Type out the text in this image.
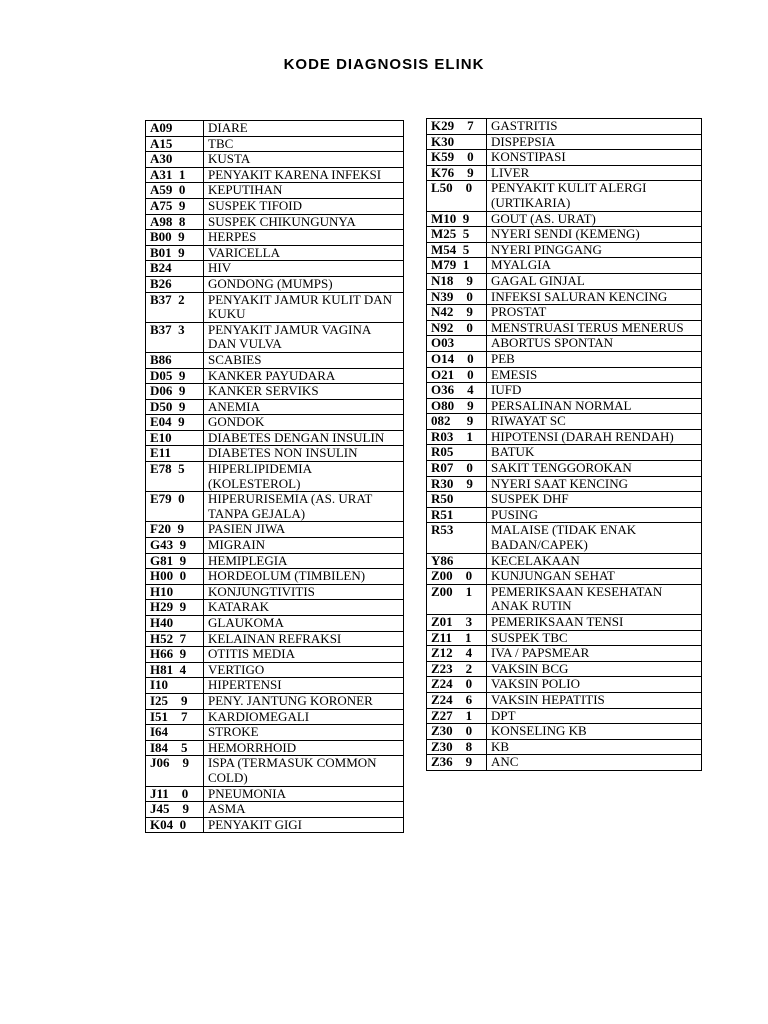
KODE DIAGNOSIS ELINK
A09	DIARE
A15	TBC
A30	KUSTA
A31  1	PENYAKIT KARENA INFEKSI
A59  0	KEPUTIHAN
A75  9	SUSPEK TIFOID
A98  8	SUSPEK CHIKUNGUNYA
B00  9	HERPES
B01  9	VARICELLA
B24	HIV
B26	GONDONG (MUMPS)
B37  2	PENYAKIT JAMUR KULIT DAN KUKU
B37  3	PENYAKIT JAMUR VAGINA DAN VULVA
B86	SCABIES
D05  9	KANKER PAYUDARA
D06  9	KANKER SERVIKS
D50  9	ANEMIA
E04  9	GONDOK
E10	DIABETES DENGAN INSULIN
E11	DIABETES NON INSULIN
E78  5	HIPERLIPIDEMIA (KOLESTEROL)
E79  0	HIPERURISEMIA (AS. URAT TANPA GEJALA)
F20  9	PASIEN JIWA
G43  9	MIGRAIN
G81  9	HEMIPLEGIA
H00  0	HORDEOLUM (TIMBILEN)
H10	KONJUNGTIVITIS
H29  9	KATARAK
H40	GLAUKOMA
H52  7	KELAINAN REFRAKSI
H66  9	OTITIS MEDIA
H81  4	VERTIGO
I10	HIPERTENSI
I25    9	PENY. JANTUNG KORONER
I51    7	KARDIOMEGALI
I64	STROKE
I84    5	HEMORRHOID
J06    9	ISPA (TERMASUK COMMON COLD)
J11    0	PNEUMONIA
J45    9	ASMA
K04  0	PENYAKIT GIGI
K29    7	GASTRITIS
K30	DISPEPSIA
K59    0	KONSTIPASI
K76    9	LIVER
L50    0	PENYAKIT KULIT ALERGI (URTIKARIA)
M10  9	GOUT (AS. URAT)
M25  5	NYERI SENDI (KEMENG)
M54  5	NYERI PINGGANG
M79  1	MYALGIA
N18    9	GAGAL GINJAL
N39    0	INFEKSI SALURAN KENCING
N42    9	PROSTAT
N92    0	MENSTRUASI TERUS MENERUS
O03	ABORTUS SPONTAN
O14    0	PEB
O21    0	EMESIS
O36    4	IUFD
O80    9	PERSALINAN NORMAL
082     9	RIWAYAT SC
R03    1	HIPOTENSI (DARAH RENDAH)
R05	BATUK
R07    0	SAKIT TENGGOROKAN
R30    9	NYERI SAAT KENCING
R50	SUSPEK DHF
R51	PUSING
R53	MALAISE (TIDAK ENAK BADAN/CAPEK)
Y86	KECELAKAAN
Z00    0	KUNJUNGAN SEHAT
Z00    1	PEMERIKSAAN KESEHATAN ANAK RUTIN
Z01    3	PEMERIKSAAN TENSI
Z11    1	SUSPEK TBC
Z12    4	IVA / PAPSMEAR
Z23    2	VAKSIN BCG
Z24    0	VAKSIN POLIO
Z24    6	VAKSIN HEPATITIS
Z27    1	DPT
Z30    0	KONSELING KB
Z30    8	KB
Z36    9	ANC
